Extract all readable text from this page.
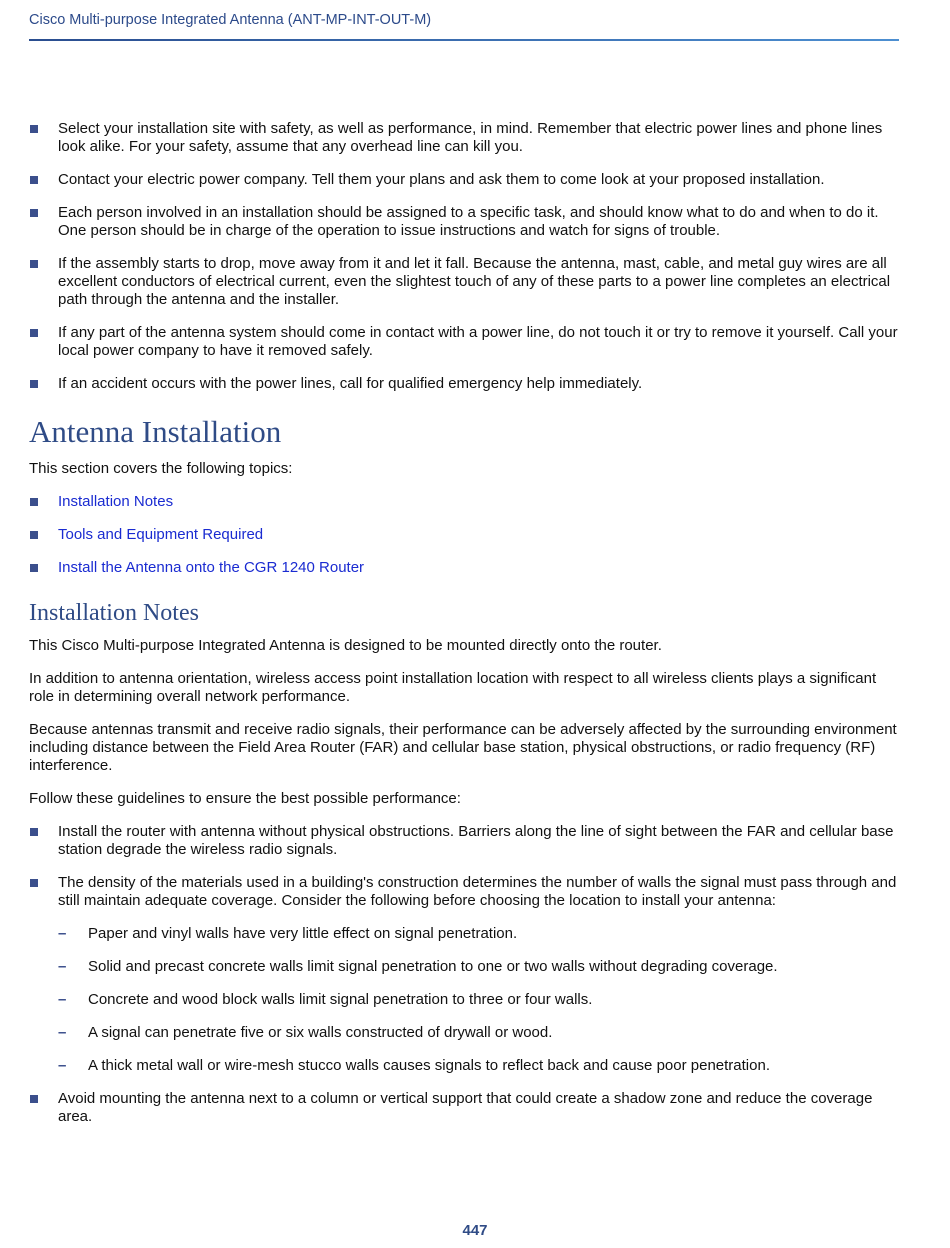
Cisco Multi-purpose Integrated Antenna (ANT-MP-INT-OUT-M)
Select your installation site with safety, as well as performance, in mind. Remember that electric power lines and phone lines look alike. For your safety, assume that any overhead line can kill you.
Contact your electric power company. Tell them your plans and ask them to come look at your proposed installation.
Each person involved in an installation should be assigned to a specific task, and should know what to do and when to do it. One person should be in charge of the operation to issue instructions and watch for signs of trouble.
If the assembly starts to drop, move away from it and let it fall. Because the antenna, mast, cable, and metal guy wires are all excellent conductors of electrical current, even the slightest touch of any of these parts to a power line completes an electrical path through the antenna and the installer.
If any part of the antenna system should come in contact with a power line, do not touch it or try to remove it yourself. Call your local power company to have it removed safely.
If an accident occurs with the power lines, call for qualified emergency help immediately.
Antenna Installation

This section covers the following topics:

Installation Notes
Tools and Equipment Required
Install the Antenna onto the CGR 1240 Router
Installation Notes

This Cisco Multi-purpose Integrated Antenna is designed to be mounted directly onto the router.

In addition to antenna orientation, wireless access point installation location with respect to all wireless clients plays a significant role in determining overall network performance.

Because antennas transmit and receive radio signals, their performance can be adversely affected by the surrounding environment including distance between the Field Area Router (FAR) and cellular base station, physical obstructions, or radio frequency (RF) interference.

Follow these guidelines to ensure the best possible performance:

Install the router with antenna without physical obstructions. Barriers along the line of sight between the FAR and cellular base station degrade the wireless radio signals.
The density of the materials used in a building's construction determines the number of walls the signal must pass through and still maintain adequate coverage. Consider the following before choosing the location to install your antenna:
– Paper and vinyl walls have very little effect on signal penetration.
– Solid and precast concrete walls limit signal penetration to one or two walls without degrading coverage.
– Concrete and wood block walls limit signal penetration to three or four walls.
– A signal can penetrate five or six walls constructed of drywall or wood.
– A thick metal wall or wire-mesh stucco walls causes signals to reflect back and cause poor penetration.
Avoid mounting the antenna next to a column or vertical support that could create a shadow zone and reduce the coverage area.
447
